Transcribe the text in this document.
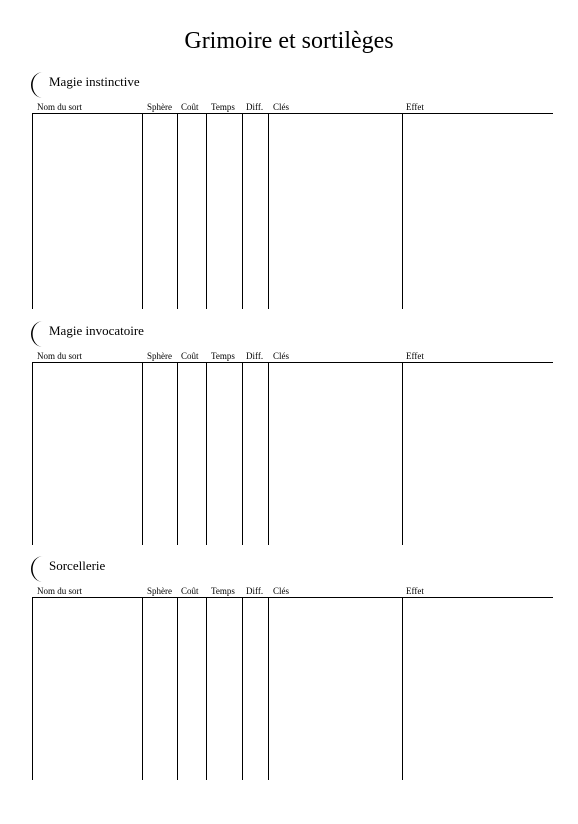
Grimoire et sortilèges
Magie instinctive
Nom du sort	Sphère Coût Temps Diff. Clés	Effet
Magie invocatoire
Nom du sort	Sphère Coût Temps Diff. Clés	Effet
Sorcellerie
Nom du sort	Sphère Coût Temps Diff. Clés	Effet
